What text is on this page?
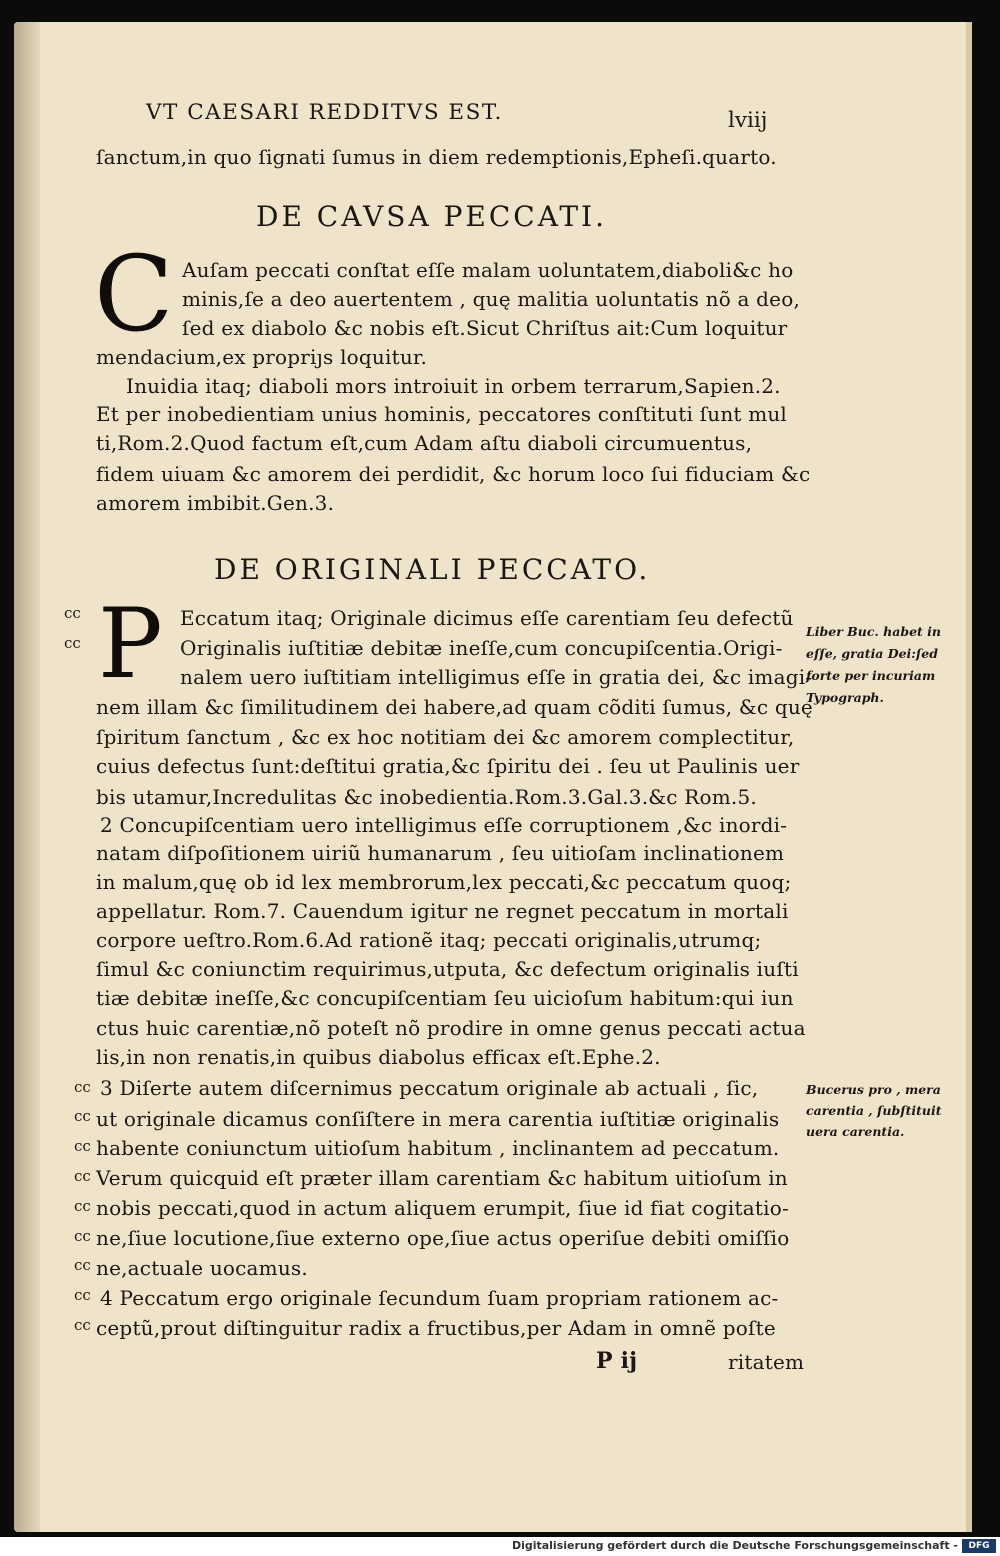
VT CAESARI REDDITVS EST.	lviij
ſanctum,in quo ſignati ſumus in diem redemptionis,Epheſi.quarto.
DE CAVSA PECCATI.
C Auſam peccati conſtat eſſe malam uoluntatem,diaboli&c ho
minis,ſe a deo auertentem , quę malitia uoluntatis nõ a deo,
ſed ex diabolo &c nobis eſt.Sicut Chriſtus ait:Cum loquitur
mendacium,ex propriȷs loquitur.
Inuidia itaq; diaboli mors introiuit in orbem terrarum,Sapien.2.
Et per inobedientiam unius hominis, peccatores conſtituti ſunt mul
ti,Rom.2.Quod factum eſt,cum Adam aſtu diaboli circumuentus,
fidem uiuam &c amorem dei perdidit, &c horum loco ſui fiduciam &c
amorem imbibit.Gen.3.
DE ORIGINALI PECCATO.
P
ϲϲ
ϲϲ
Eccatum itaq; Originale dicimus eſſe carentiam ſeu defectũ
Originalis iuſtitiæ debitæ ineſſe,cum concupiſcentia.Origi-
nalem uero iuſtitiam intelligimus eſſe in gratia dei, &c imagi-
nem illam &c ſimilitudinem dei habere,ad quam cõditi ſumus, &c quę
ſpiritum ſanctum , &c ex hoc notitiam dei &c amorem complectitur,
cuius defectus ſunt:deſtitui gratia,&c ſpiritu dei . ſeu ut Paulinis uer
bis utamur,Incredulitas &c inobedientia.Rom.3.Gal.3.&c Rom.5.
2 Concupiſcentiam uero intelligimus eſſe corruptionem ,&c inordi-
natam diſpoſitionem uiriũ humanarum , ſeu uitioſam inclinationem
in malum,quę ob id lex membrorum,lex peccati,&c peccatum quoq;
appellatur. Rom.7. Cauendum igitur ne regnet peccatum in mortali
corpore ueſtro.Rom.6.Ad rationẽ itaq; peccati originalis,utrumq;
ſimul &c coniunctim requirimus,utputa, &c defectum originalis iuſti
tiæ debitæ ineſſe,&c concupiſcentiam ſeu uicioſum habitum:qui iun
ctus huic carentiæ,nõ poteſt nõ prodire in omne genus peccati actua
lis,in non renatis,in quibus diabolus efficax eſt.Ephe.2.
ϲϲ
ϲϲ
ϲϲ
ϲϲ
ϲϲ
ϲϲ
ϲϲ
ϲϲ
ϲϲ
3 Diſerte autem diſcernimus peccatum originale ab actuali , ſic,
ut originale dicamus conſiſtere in mera carentia iuſtitiæ originalis
habente coniunctum uitioſum habitum , inclinantem ad peccatum.
Verum quicquid eſt præter illam carentiam &c habitum uitioſum in
nobis peccati,quod in actum aliquem erumpit, ſiue id fiat cogitatio-
ne,ſiue locutione,ſiue externo ope,ſiue actus operiſue debiti omiſſio
ne,actuale uocamus.
4 Peccatum ergo originale ſecundum ſuam propriam rationem ac-
ceptũ,prout diſtinguitur radix a fructibus,per Adam in omnẽ poſte
Liber Buc. habet in
eſſe, gratia Dei:ſed
forte per incuriam
Typograph.
Bucerus pro , mera
carentia , ſubſtituit
uera carentia.
P ij	ritatem
Digitalisierung gefördert durch die Deutsche Forschungsgemeinschaft -	DFG
